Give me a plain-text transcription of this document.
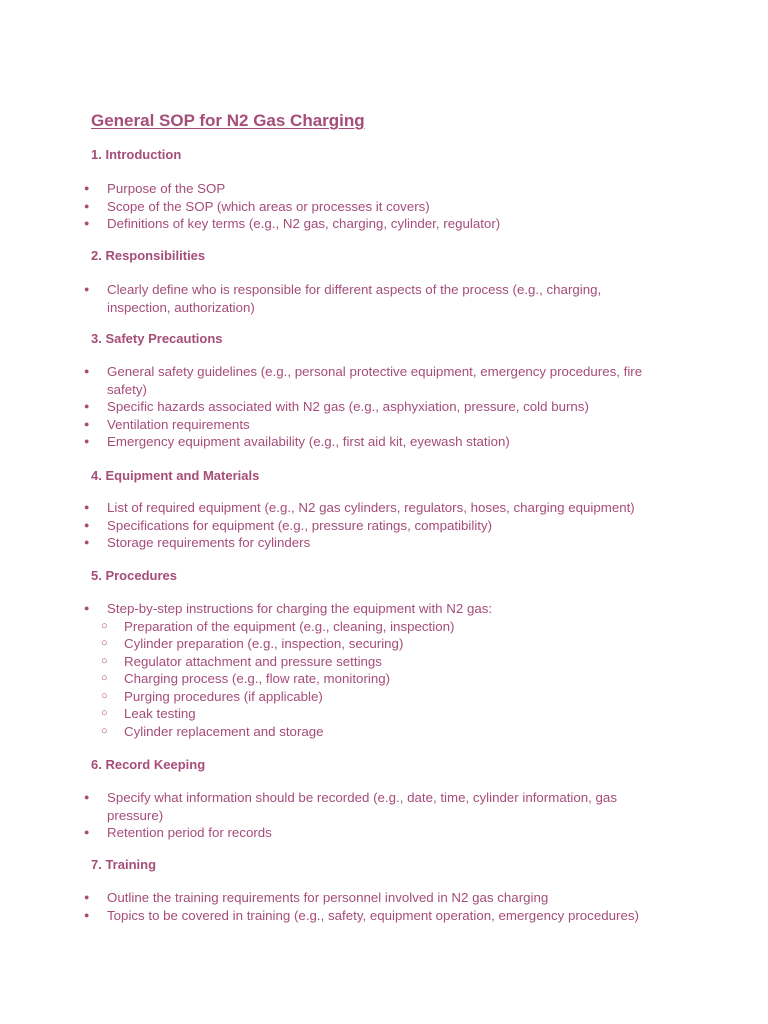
General SOP for N2 Gas Charging
1. Introduction
● Purpose of the SOP
● Scope of the SOP (which areas or processes it covers)
● Definitions of key terms (e.g., N2 gas, charging, cylinder, regulator)
2. Responsibilities
● Clearly define who is responsible for different aspects of the process (e.g., charging, inspection, authorization)
3. Safety Precautions
● General safety guidelines (e.g., personal protective equipment, emergency procedures, fire safety)
● Specific hazards associated with N2 gas (e.g., asphyxiation, pressure, cold burns)
● Ventilation requirements
● Emergency equipment availability (e.g., first aid kit, eyewash station)
4. Equipment and Materials
● List of required equipment (e.g., N2 gas cylinders, regulators, hoses, charging equipment)
● Specifications for equipment (e.g., pressure ratings, compatibility)
● Storage requirements for cylinders
5. Procedures
● Step-by-step instructions for charging the equipment with N2 gas:
○ Preparation of the equipment (e.g., cleaning, inspection)
○ Cylinder preparation (e.g., inspection, securing)
○ Regulator attachment and pressure settings
○ Charging process (e.g., flow rate, monitoring)
○ Purging procedures (if applicable)
○ Leak testing
○ Cylinder replacement and storage
6. Record Keeping
● Specify what information should be recorded (e.g., date, time, cylinder information, gas pressure)
● Retention period for records
7. Training
● Outline the training requirements for personnel involved in N2 gas charging
● Topics to be covered in training (e.g., safety, equipment operation, emergency procedures)
